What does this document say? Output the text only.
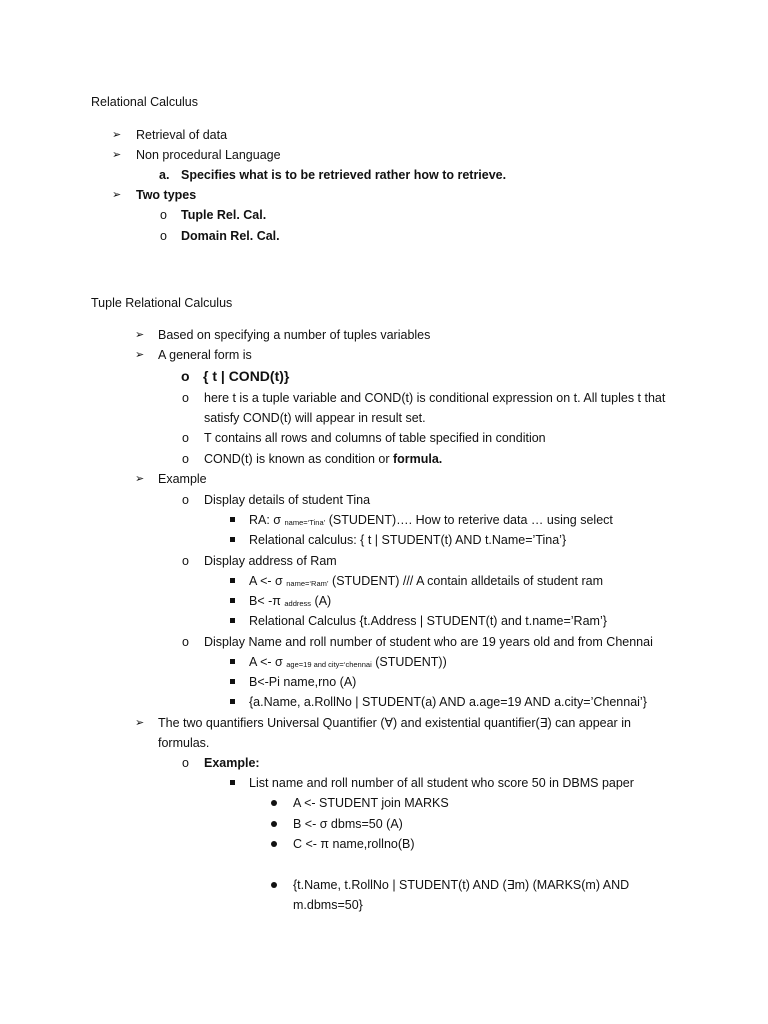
Relational Calculus
➢ Retrieval of data
➢ Non procedural Language
a. Specifies what is to be retrieved rather how to retrieve.
➢ Two types
o Tuple Rel. Cal.
o Domain Rel. Cal.
Tuple Relational Calculus
➢ Based on specifying a number of tuples variables
➢ A general form is
o { t | COND(t)}
o here t is a tuple variable and COND(t) is conditional expression on t. All tuples t that
satisfy COND(t) will appear in result set.
o T contains all rows and columns of table specified in condition
o COND(t) is known as condition or formula.
➢ Example
o Display details of student Tina
RA: σ $_{name=‘Tina’}$ (STUDENT)…. How to reterive data … using select
Relational calculus: { t | STUDENT(t) AND t.Name=’Tina’}
o Display address of Ram
A <- σ $_{name=‘Ram’}$ (STUDENT) /// A contain alldetails of student ram
B< -π $_{address}$ (A)
Relational Calculus {t.Address | STUDENT(t) and t.name=’Ram’}
o Display Name and roll number of student who are 19 years old and from Chennai
A <- σ $_{age=19 and city=‘chennai}$ (STUDENT))
B<-Pi name,rno (A)
{a.Name, a.RollNo | STUDENT(a) AND a.age=19 AND a.city=’Chennai’}
➢ The two quantifiers Universal Quantifier (∀) and existential quantifier(∃) can appear in
formulas.
o Example:
List name and roll number of all student who score 50 in DBMS paper
A <- STUDENT join MARKS
B <- σ dbms=50 (A)
C <- π name,rollno(B)
{t.Name, t.RollNo | STUDENT(t) AND (∃m) (MARKS(m) AND
m.dbms=50}
